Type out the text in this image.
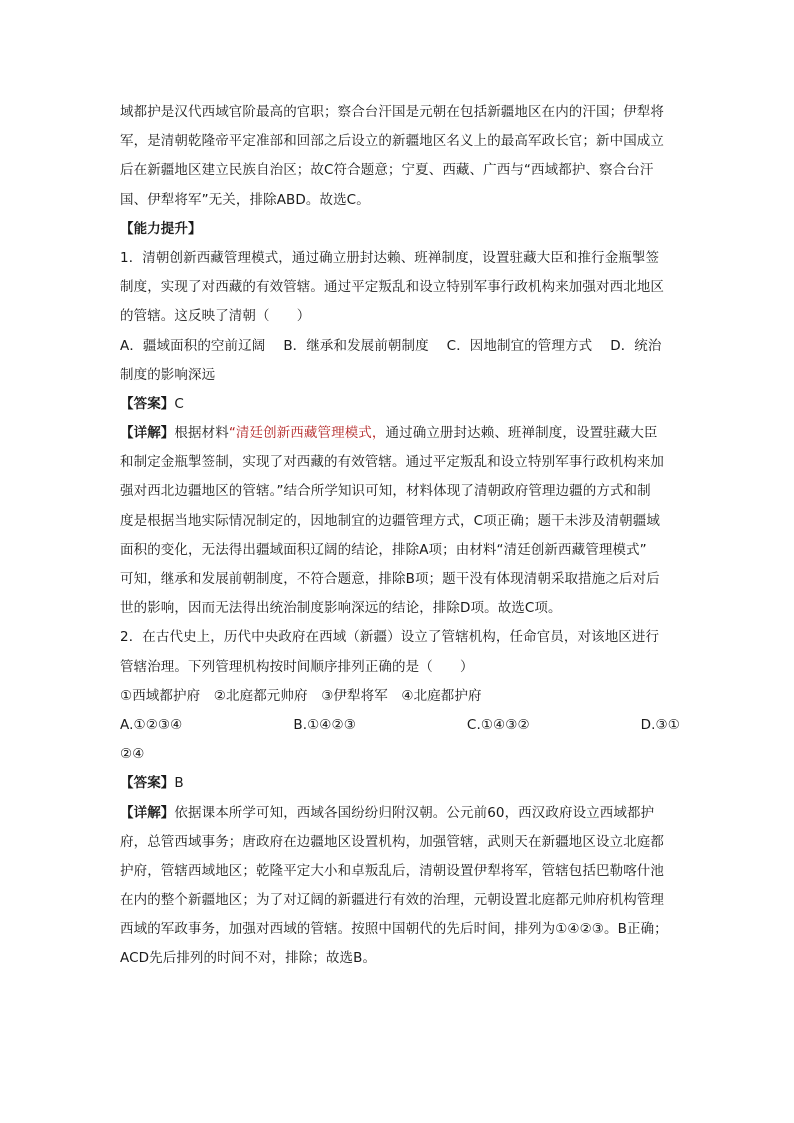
域都护是汉代西域官阶最高的官职；察合台汗国是元朝在包括新疆地区在内的汗国；伊犁将
军，是清朝乾隆帝平定准部和回部之后设立的新疆地区名义上的最高军政长官；新中国成立
后在新疆地区建立民族自治区；故C符合题意；宁夏、西藏、广西与“西域都护、察合台汗
国、伊犁将军”无关，排除ABD。故选C。
【能力提升】
1．清朝创新西藏管理模式，通过确立册封达赖、班禅制度，设置驻藏大臣和推行金瓶掣签
制度，实现了对西藏的有效管辖。通过平定叛乱和设立特别军事行政机构来加强对西北地区
的管辖。这反映了清朝（　　）
A．疆域面积的空前辽阔　 B．继承和发展前朝制度　 C．因地制宜的管理方式　 D．统治
制度的影响深远
【答案】C
【详解】根据材料“清廷创新西藏管理模式，通过确立册封达赖、班禅制度，设置驻藏大臣
和制定金瓶掣签制，实现了对西藏的有效管辖。通过平定叛乱和设立特别军事行政机构来加
强对西北边疆地区的管辖。”结合所学知识可知，材料体现了清朝政府管理边疆的方式和制
度是根据当地实际情况制定的，因地制宜的边疆管理方式，C项正确；题干未涉及清朝疆域
面积的变化，无法得出疆域面积辽阔的结论，排除A项；由材料“清廷创新西藏管理模式”
可知，继承和发展前朝制度，不符合题意，排除B项；题干没有体现清朝采取措施之后对后
世的影响，因而无法得出统治制度影响深远的结论，排除D项。故选C项。
2．在古代史上，历代中央政府在西域（新疆）设立了管辖机构，任命官员，对该地区进行
管辖治理。下列管理机构按时间顺序排列正确的是（　　）
①西域都护府　②北庭都元帅府　③伊犁将军　④北庭都护府
A.①②③④	B.①④②③	C.①④③②	D.③①
②④
【答案】B
【详解】依据课本所学可知，西域各国纷纷归附汉朝。公元前60，西汉政府设立西域都护
府，总管西域事务；唐政府在边疆地区设置机构，加强管辖，武则天在新疆地区设立北庭都
护府，管辖西域地区；乾隆平定大小和卓叛乱后，清朝设置伊犁将军，管辖包括巴勒喀什池
在内的整个新疆地区；为了对辽阔的新疆进行有效的治理，元朝设置北庭都元帅府机构管理
西域的军政事务，加强对西域的管辖。按照中国朝代的先后时间，排列为①④②③。B正确；
ACD先后排列的时间不对，排除；故选B。
